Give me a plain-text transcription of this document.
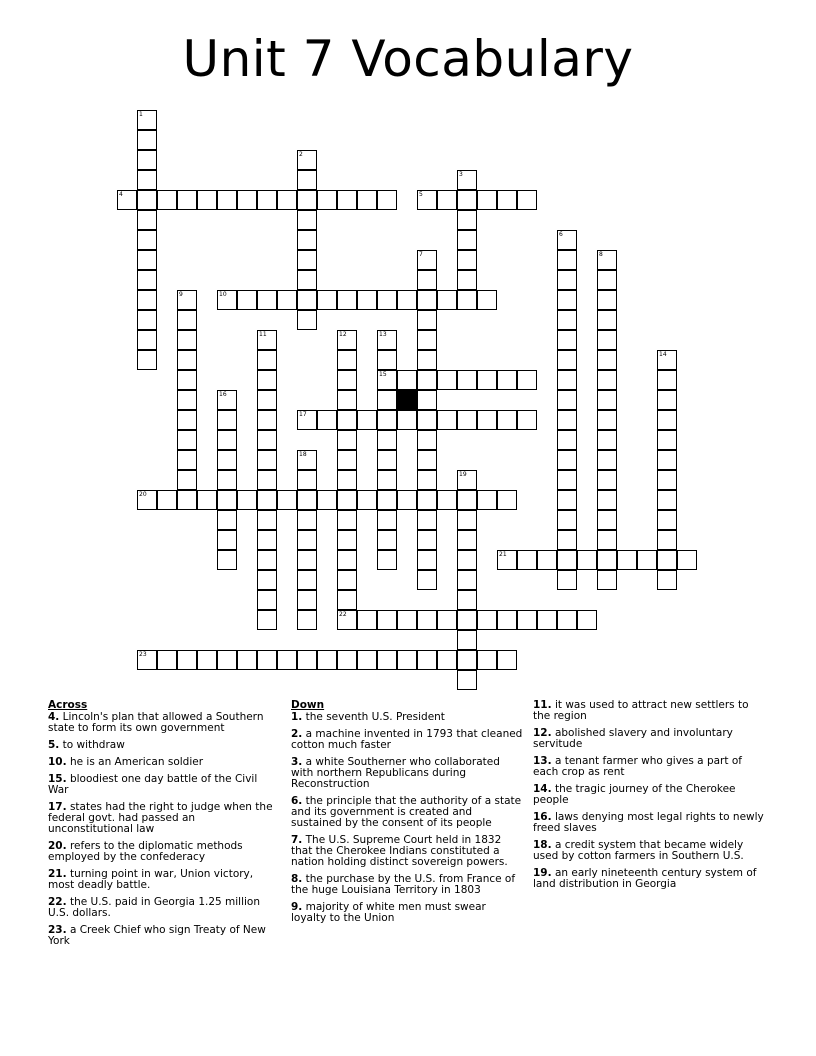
Unit 7 Vocabulary
1
2
3
4	5
6
7	8
9	10
11	12
22
13
15
14
16
17
18
19
20
21
23
Across
4. Lincoln's plan that allowed a Southern state to form its own government
5. to withdraw
10. he is an American soldier
15. bloodiest one day battle of the Civil War
17. states had the right to judge when the federal govt. had passed an unconstitutional law
20. refers to the diplomatic methods employed by the confederacy
21. turning point in war, Union victory, most deadly battle.
22. the U.S. paid in Georgia 1.25 million U.S. dollars.
23. a Creek Chief who sign Treaty of New York
Down
1. the seventh U.S. President
2. a machine invented in 1793 that cleaned cotton much faster
3. a white Southerner who collaborated with northern Republicans during Reconstruction
6. the principle that the authority of a state and its government is created and sustained by the consent of its people
7. The U.S. Supreme Court held in 1832 that the Cherokee Indians constituted a nation holding distinct sovereign powers.
8. the purchase by the U.S. from France of the huge Louisiana Territory in 1803
9. majority of white men must swear loyalty to the Union
11. it was used to attract new settlers to the region
12. abolished slavery and involuntary servitude
13. a tenant farmer who gives a part of each crop as rent
14. the tragic journey of the Cherokee people
16. laws denying most legal rights to newly freed slaves
18. a credit system that became widely used by cotton farmers in Southern U.S.
19. an early nineteenth century system of land distribution in Georgia
